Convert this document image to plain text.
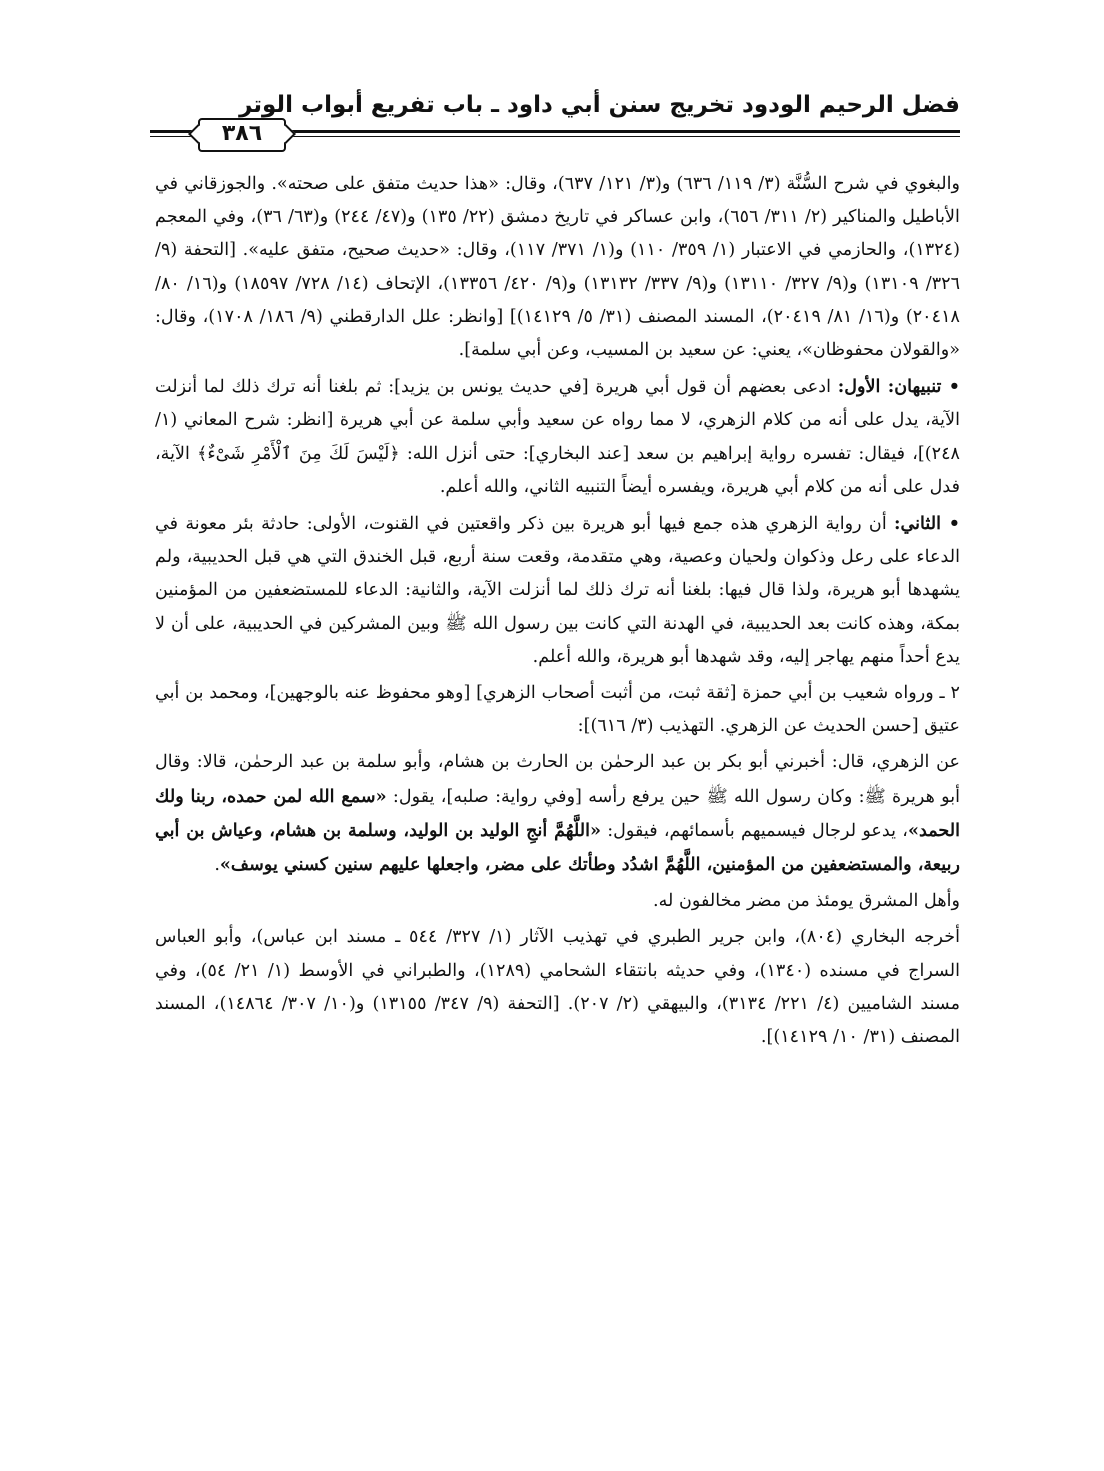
فضل الرحيم الودود تخريج سنن أبي داود ـ باب تفريع أبواب الوتر
٣٨٦

والبغوي في شرح السُّنَّة (٣/ ١١٩/ ٦٣٦) و(٣/ ١٢١/ ٦٣٧)، وقال: «هذا حديث متفق على صحته». والجوزقاني في الأباطيل والمناكير (٢/ ٣١١/ ٦٥٦)، وابن عساكر في تاريخ دمشق (٢٢/ ١٣٥) و(٤٧/ ٢٤٤) و(٦٣/ ٣٦)، وفي المعجم (١٣٢٤)، والحازمي في الاعتبار (١/ ٣٥٩/ ١١٠) و(١/ ٣٧١/ ١١٧)، وقال: «حديث صحيح، متفق عليه». [التحفة (٩/ ٣٢٦/ ١٣١٠٩) و(٩/ ٣٢٧/ ١٣١١٠) و(٩/ ٣٣٧/ ١٣١٣٢) و(٩/ ٤٢٠/ ١٣٣٥٦)، الإتحاف (١٤/ ٧٢٨/ ١٨٥٩٧) و(١٦/ ٨٠/ ٢٠٤١٨) و(١٦/ ٨١/ ٢٠٤١٩)، المسند المصنف (٣١/ ٥/ ١٤١٢٩)] [وانظر: علل الدارقطني (٩/ ١٨٦/ ١٧٠٨)، وقال: «والقولان محفوظان»، يعني: عن سعيد بن المسيب، وعن أبي سلمة].

• تنبيهان: الأول: ادعى بعضهم أن قول أبي هريرة [في حديث يونس بن يزيد]: ثم بلغنا أنه ترك ذلك لما أنزلت الآية، يدل على أنه من كلام الزهري، لا مما رواه عن سعيد وأبي سلمة عن أبي هريرة [انظر: شرح المعاني (١/ ٢٤٨)]، فيقال: تفسره رواية إبراهيم بن سعد [عند البخاري]: حتى أنزل الله: ﴿لَيْسَ لَكَ مِنَ ٱلْأَمْرِ شَىْءٌ﴾ الآية، فدل على أنه من كلام أبي هريرة، ويفسره أيضاً التنبيه الثاني، والله أعلم.

• الثاني: أن رواية الزهري هذه جمع فيها أبو هريرة بين ذكر واقعتين في القنوت، الأولى: حادثة بئر معونة في الدعاء على رعل وذكوان ولحيان وعصية، وهي متقدمة، وقعت سنة أربع، قبل الخندق التي هي قبل الحديبية، ولم يشهدها أبو هريرة، ولذا قال فيها: بلغنا أنه ترك ذلك لما أنزلت الآية، والثانية: الدعاء للمستضعفين من المؤمنين بمكة، وهذه كانت بعد الحديبية، في الهدنة التي كانت بين رسول الله ﷺ وبين المشركين في الحديبية، على أن لا يدع أحداً منهم يهاجر إليه، وقد شهدها أبو هريرة، والله أعلم.

٢ ـ ورواه شعيب بن أبي حمزة [ثقة ثبت، من أثبت أصحاب الزهري] [وهو محفوظ عنه بالوجهين]، ومحمد بن أبي عتيق [حسن الحديث عن الزهري. التهذيب (٣/ ٦١٦)]:

عن الزهري، قال: أخبرني أبو بكر بن عبد الرحمٰن بن الحارث بن هشام، وأبو سلمة بن عبد الرحمٰن، قالا: وقال أبو هريرة ﷺ: وكان رسول الله ﷺ حين يرفع رأسه [وفي رواية: صلبه]، يقول: «سمع الله لمن حمده، ربنا ولك الحمد»، يدعو لرجال فيسميهم بأسمائهم، فيقول: «اللَّهُمَّ أنجِ الوليد بن الوليد، وسلمة بن هشام، وعياش بن أبي ربيعة، والمستضعفين من المؤمنين، اللَّهُمَّ اشدُد وطأتك على مضر، واجعلها عليهم سنين كسني يوسف».

وأهل المشرق يومئذ من مضر مخالفون له.

أخرجه البخاري (٨٠٤)، وابن جرير الطبري في تهذيب الآثار (١/ ٣٢٧/ ٥٤٤ ـ مسند ابن عباس)، وأبو العباس السراج في مسنده (١٣٤٠)، وفي حديثه بانتقاء الشحامي (١٢٨٩)، والطبراني في الأوسط (١/ ٢١/ ٥٤)، وفي مسند الشاميين (٤/ ٢٢١/ ٣١٣٤)، والبيهقي (٢/ ٢٠٧). [التحفة (٩/ ٣٤٧/ ١٣١٥٥) و(١٠/ ٣٠٧/ ١٤٨٦٤)، المسند المصنف (٣١/ ١٠/ ١٤١٢٩)].
